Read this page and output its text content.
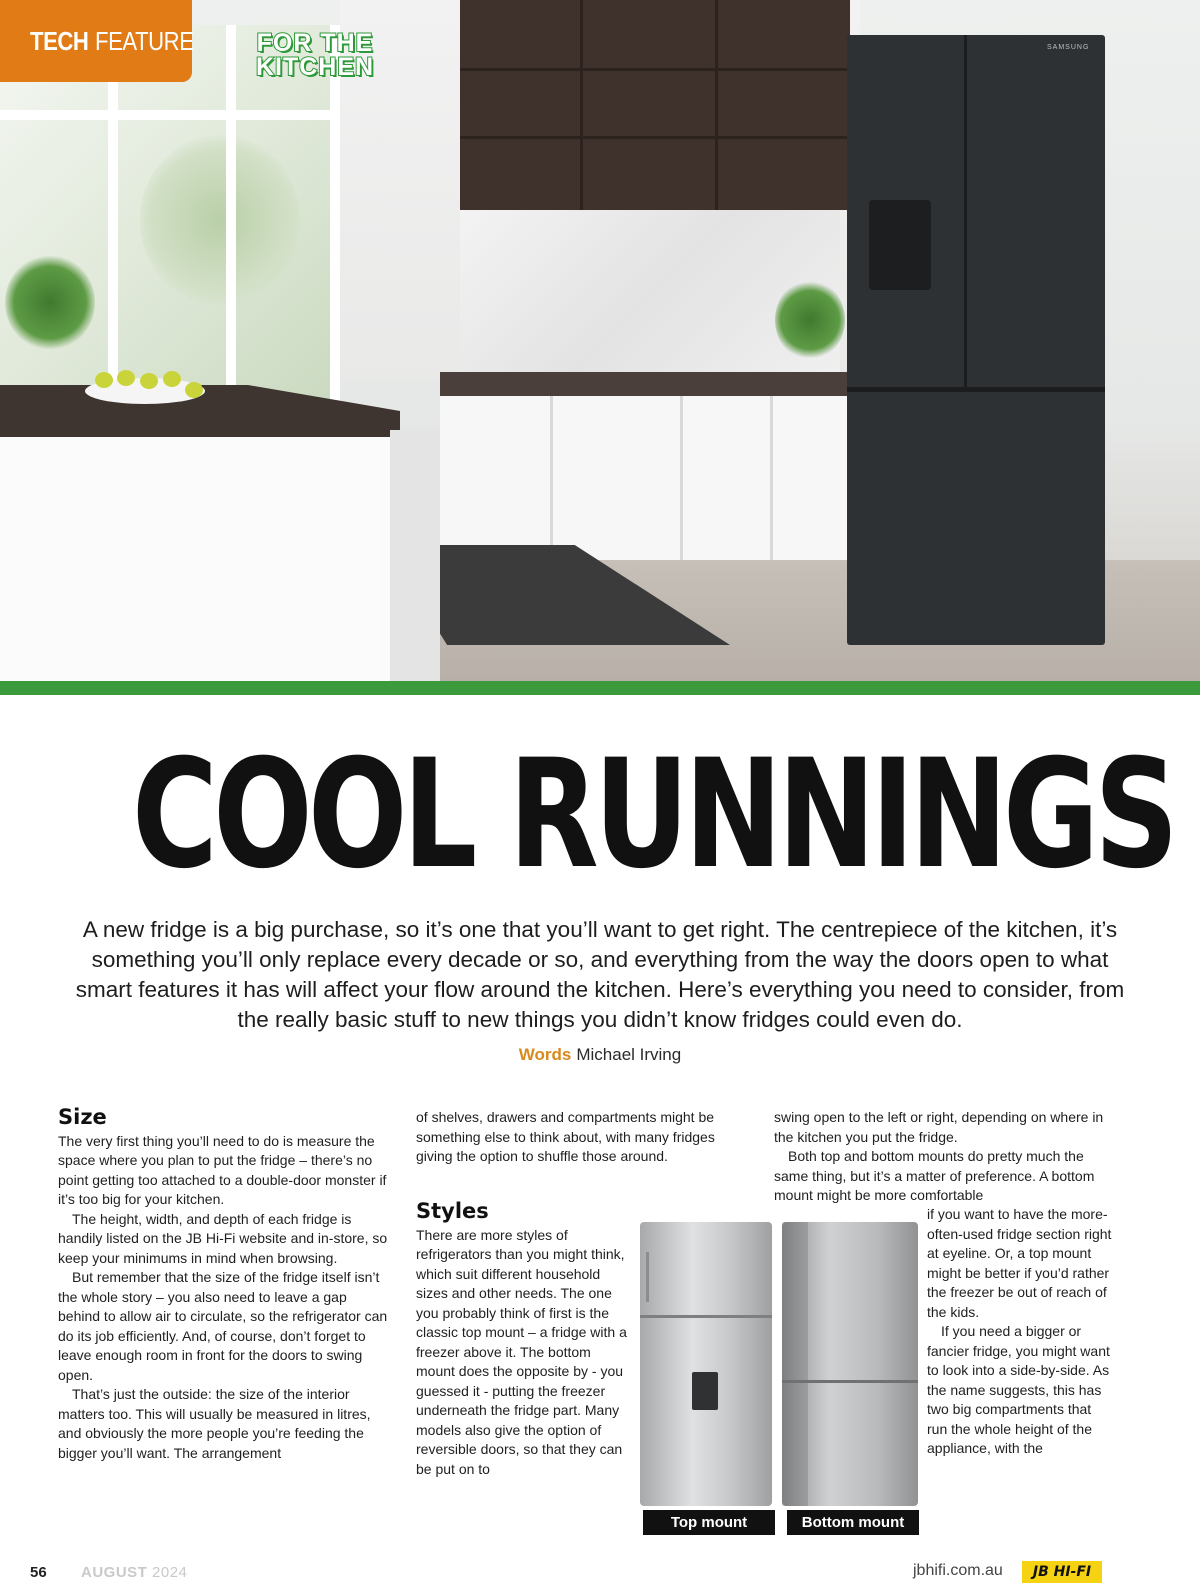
SAMSUNG
TECH FEATURE	FOR THE
KITCHEN
COOL RUNNINGS

A new fridge is a big purchase, so it’s one that you’ll want to get right. The centrepiece of the kitchen, it’s something you’ll only replace every decade or so, and everything from the way the doors open to what smart features it has will affect your flow around the kitchen. Here’s everything you need to consider, from the really basic stuff to new things you didn’t know fridges could even do.

Words Michael Irving
Size

The very first thing you’ll need to do is measure the space where you plan to put the fridge – there’s no point getting too attached to a double-door monster if it’s too big for your kitchen.

The height, width, and depth of each fridge is handily listed on the JB Hi-Fi website and in-store, so keep your minimums in mind when browsing.

But remember that the size of the fridge itself isn’t the whole story – you also need to leave a gap behind to allow air to circulate, so the refrigerator can do its job efficiently. And, of course, don’t forget to leave enough room in front for the doors to swing open.

That’s just the outside: the size of the interior matters too. This will usually be measured in litres, and obviously the more people you’re feeding the bigger you’ll want. The arrangement

of shelves, drawers and compartments might be something else to think about, with many fridges giving the option to shuffle those around.

Styles

There are more styles of refrigerators than you might think, which suit different household sizes and other needs. The one you probably think of first is the classic top mount – a fridge with a freezer above it. The bottom mount does the opposite by - you guessed it - putting the freezer underneath the fridge part. Many models also give the option of reversible doors, so that they can be put on to

swing open to the left or right, depending on where in the kitchen you put the fridge.

Both top and bottom mounts do pretty much the same thing, but it’s a matter of preference. A bottom mount might be more comfortable

if you want to have the more-often-used fridge section right at eyeline. Or, a top mount might be better if you’d rather the freezer be out of reach of the kids.

If you need a bigger or fancier fridge, you might want to look into a side-by-side. As the name suggests, this has two big compartments that run the whole height of the appliance, with the

Top mount	Bottom mount
56 AUGUST 2024	jbhifi.com.au	JB HI-FI
